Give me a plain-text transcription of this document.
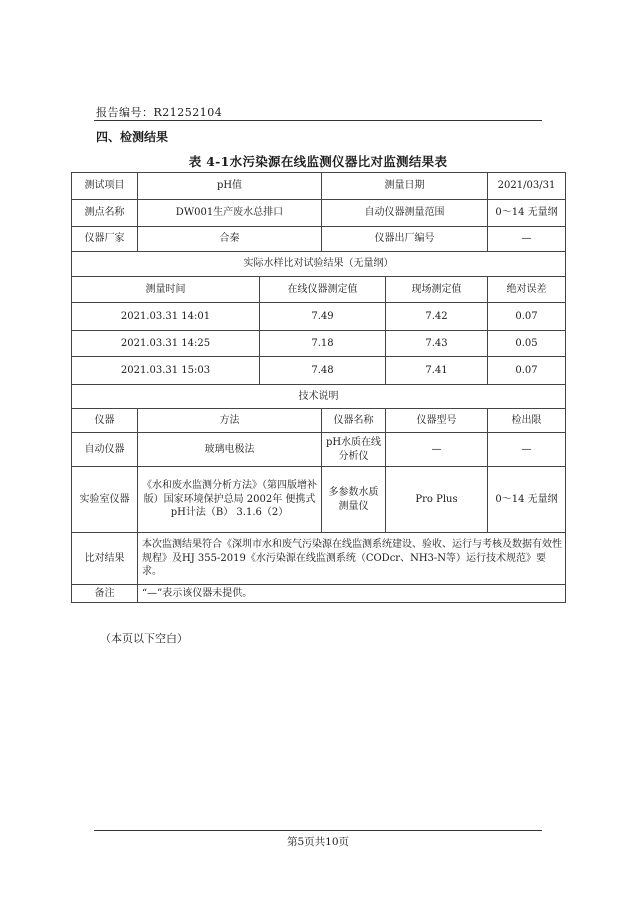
报告编号：R21252104
四、检测结果
表 4-1水污染源在线监测仪器比对监测结果表
测试项目	pH值		测量日期		2021/03/31
测点名称	DW001生产废水总排口		自动仪器测量范围		0～14 无量纲
仪器厂家	合秦		仪器出厂编号		—
实际水样比对试验结果（无量纲）					
测量时间		在线仪器测定值		现场测定值	绝对误差
2021.03.31 14:01		7.49		7.42	0.07
2021.03.31 14:25		7.18		7.43	0.05
2021.03.31 15:03		7.48		7.41	0.07
技术说明					
仪器	方法		仪器名称	仪器型号	检出限
自动仪器	玻璃电极法		pH水质在线分析仪	—	—
实验室仪器	《水和废水监测分析方法》（第四版增补版）国家环境保护总局 2002年 便携式pH计法（B） 3.1.6（2）		多参数水质测量仪	Pro Plus	0～14 无量纲
比对结果	本次监测结果符合《深圳市水和废气污染源在线监测系统建设、验收、运行与考核及数据有效性规程》及HJ 355-2019《水污染源在线监测系统（CODcr、NH3-N等）运行技术规范》要求。				
备注	“—”表示该仪器未提供。				
（本页以下空白）
第5页共10页
